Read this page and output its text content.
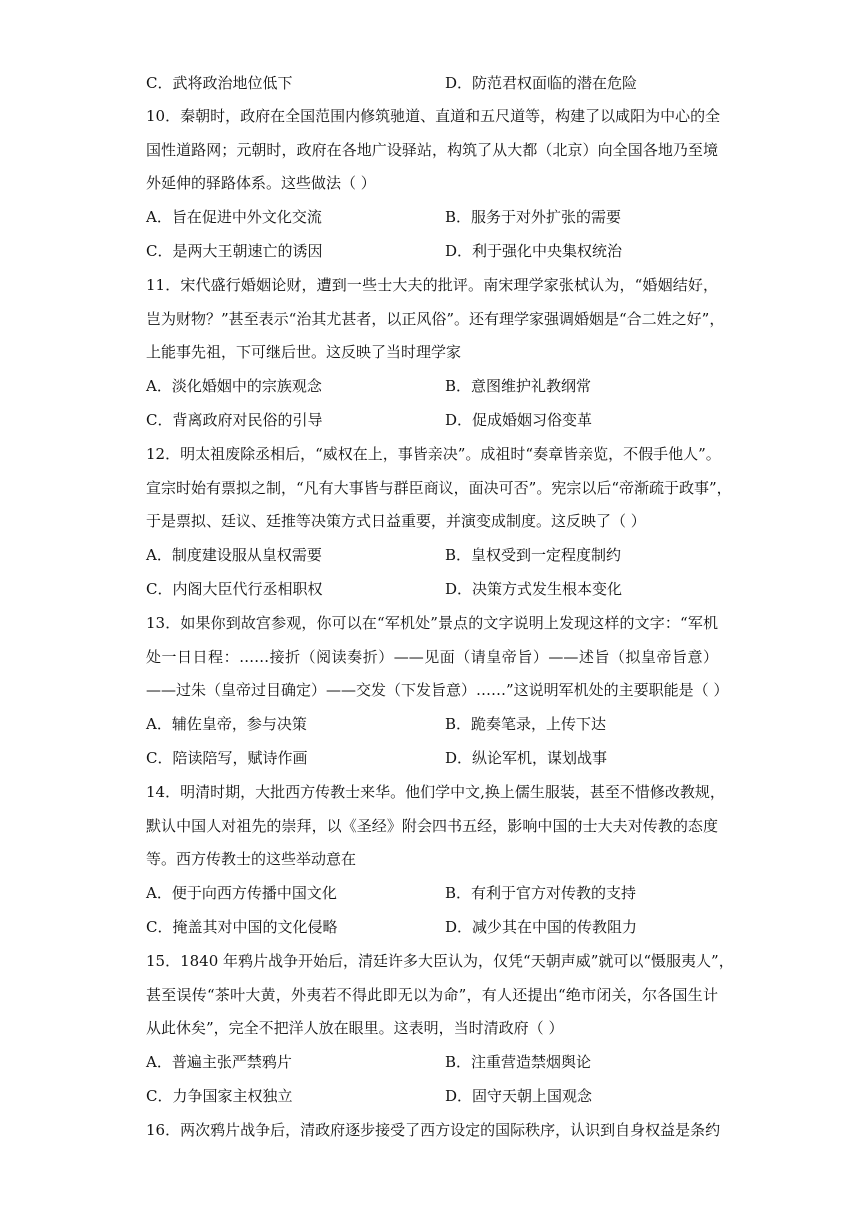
C．武将政治地位低下	D．防范君权面临的潜在危险
10．秦朝时，政府在全国范围内修筑驰道、直道和五尺道等，构建了以咸阳为中心的全
国性道路网；元朝时，政府在各地广设驿站，构筑了从大都（北京）向全国各地乃至境
外延伸的驿路体系。这些做法（ ）
A．旨在促进中外文化交流	B．服务于对外扩张的需要
C．是两大王朝速亡的诱因	D．利于强化中央集权统治
11．宋代盛行婚姻论财，遭到一些士大夫的批评。南宋理学家张栻认为，“婚姻结好，
岂为财物？”甚至表示“治其尤甚者，以正风俗”。还有理学家强调婚姻是“合二姓之好”，
上能事先祖，下可继后世。这反映了当时理学家
A．淡化婚姻中的宗族观念	B．意图维护礼教纲常
C．背离政府对民俗的引导	D．促成婚姻习俗变革
12．明太祖废除丞相后，“威权在上，事皆亲决”。成祖时“奏章皆亲览，不假手他人”。
宣宗时始有票拟之制，“凡有大事皆与群臣商议，面决可否”。宪宗以后“帝渐疏于政事”，
于是票拟、廷议、廷推等决策方式日益重要，并演变成制度。这反映了（ ）
A．制度建设服从皇权需要	B．皇权受到一定程度制约
C．内阁大臣代行丞相职权	D．决策方式发生根本变化
13．如果你到故宫参观，你可以在“军机处”景点的文字说明上发现这样的文字：“军机
处一日日程：……接折（阅读奏折）——见面（请皇帝旨）——述旨（拟皇帝旨意）
——过朱（皇帝过目确定）——交发（下发旨意）……”这说明军机处的主要职能是（ ）
A．辅佐皇帝，参与决策	B．跪奏笔录，上传下达
C．陪读陪写，赋诗作画	D．纵论军机，谋划战事
14．明清时期，大批西方传教士来华。他们学中文,换上儒生服装，甚至不惜修改教规，
默认中国人对祖先的崇拜，以《圣经》附会四书五经，影响中国的士大夫对传教的态度
等。西方传教士的这些举动意在
A．便于向西方传播中国文化	B．有利于官方对传教的支持
C．掩盖其对中国的文化侵略	D．减少其在中国的传教阻力
15．1840 年鸦片战争开始后，清廷许多大臣认为，仅凭“天朝声威”就可以“慑服夷人”，
甚至误传“茶叶大黄，外夷若不得此即无以为命”，有人还提出“绝市闭关，尔各国生计
从此休矣”，完全不把洋人放在眼里。这表明，当时清政府（ ）
A．普遍主张严禁鸦片	B．注重营造禁烟舆论
C．力争国家主权独立	D．固守天朝上国观念
16．两次鸦片战争后，清政府逐步接受了西方设定的国际秩序，认识到自身权益是条约
